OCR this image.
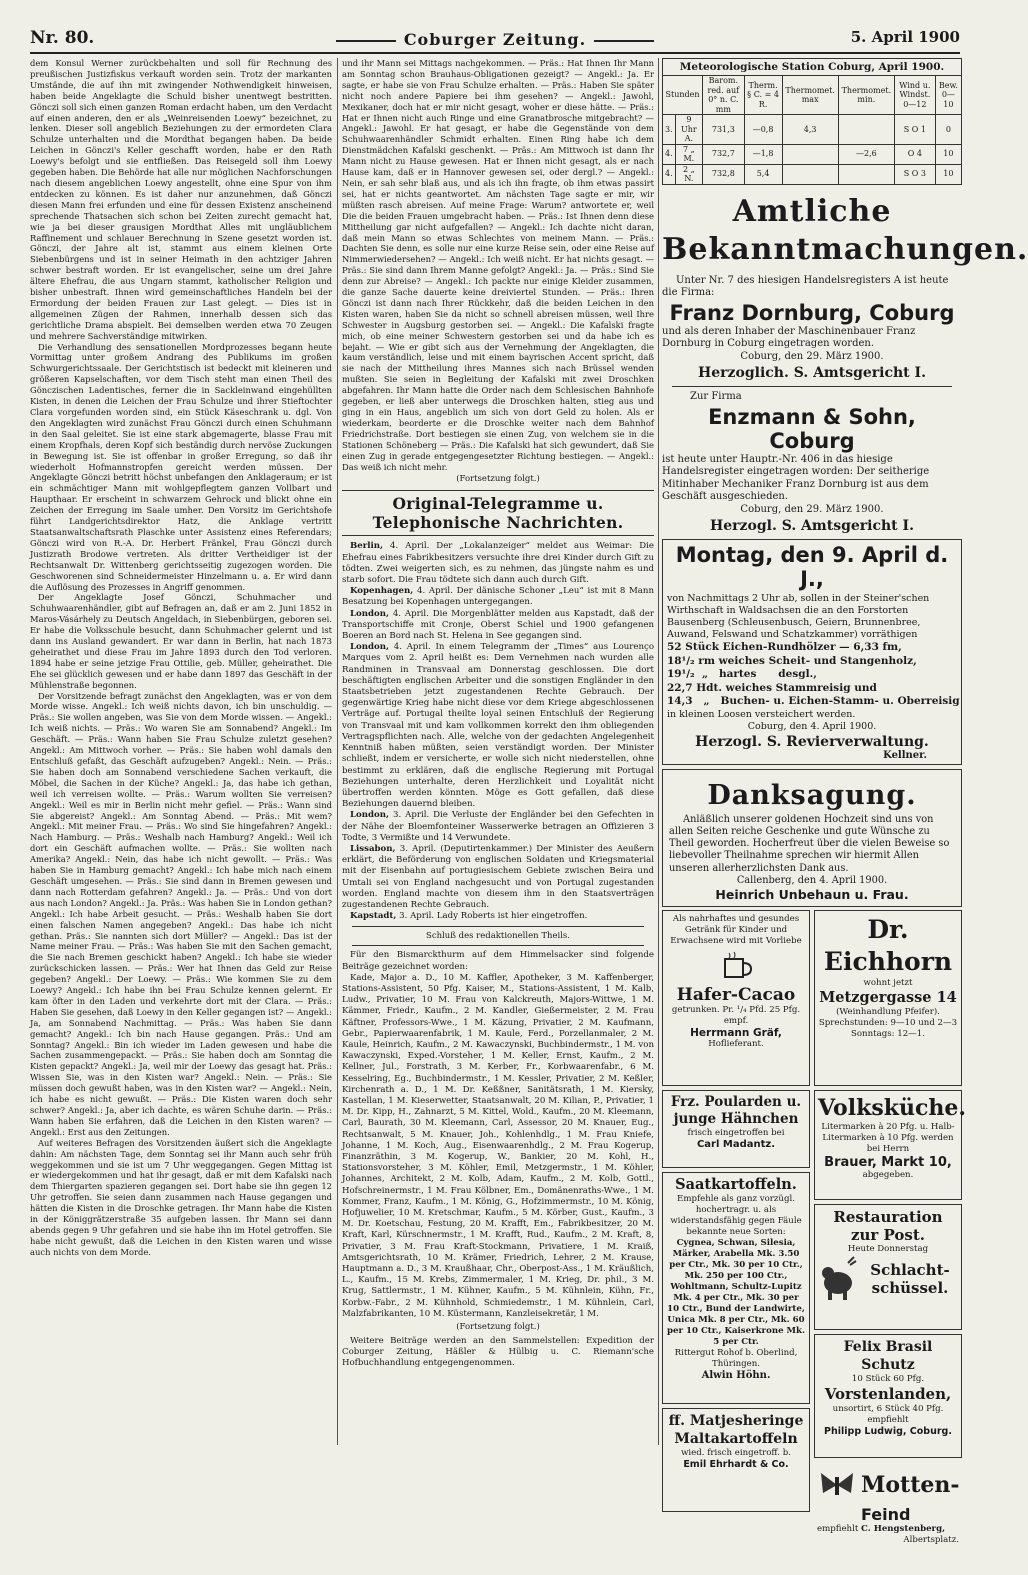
Nr. 80.	Coburger Zeitung.	5. April 1900

dem Konsul Werner zurückbehalten und soll für Rechnung des preußischen Justizfiskus verkauft worden sein. Trotz der markanten Umstände, die auf ihn mit zwingender Nothwendigkeit hinweisen, haben beide Angeklagte die Schuld bisher unentwegt bestritten. Gönczi soll sich einen ganzen Roman erdacht haben, um den Verdacht auf einen anderen, den er als „Weinreisenden Loewy“ bezeichnet, zu lenken. Dieser soll angeblich Beziehungen zu der ermordeten Clara Schulze unterhalten und die Mordthat begangen haben. Da beide Leichen in Gönczi's Keller geschafft worden, habe er den Rath Loewy's befolgt und sie entfließen. Das Reisegeld soll ihm Loewy gegeben haben. Die Behörde hat alle nur möglichen Nachforschungen nach diesem angeblichen Loewy angestellt, ohne eine Spur von ihm entdecken zu können. Es ist daher nur anzunehmen, daß Gönczi diesen Mann frei erfunden und eine für dessen Existenz anscheinend sprechende Thatsachen sich schon bei Zeiten zurecht gemacht hat, wie ja bei dieser grausigen Mordthat Alles mit ungläublichem Raffinement und schlauer Berechnung in Szene gesetzt worden ist. Gönczi, der Jahre alt ist, stammt aus einem kleinen Orte Siebenbürgens und ist in seiner Heimath in den achtziger Jahren schwer bestraft worden. Er ist evangelischer, seine um drei Jahre ältere Ehefrau, die aus Ungarn stammt, katholischer Religion und bisher unbestraft. Ihnen wird gemeinschaftliches Handeln bei der Ermordung der beiden Frauen zur Last gelegt. — Dies ist in allgemeinen Zügen der Rahmen, innerhalb dessen sich das gerichtliche Drama abspielt. Bei demselben werden etwa 70 Zeugen und mehrere Sachverständige mitwirken.

Die Verhandlung des sensationellen Mordprozesses begann heute Vormittag unter großem Andrang des Publikums im großen Schwurgerichtssaale. Der Gerichtstisch ist bedeckt mit kleineren und größeren Kapselschaften, vor dem Tisch steht man einen Theil des Gönczischen Ladentisches, ferner die in Sackleinwand eingehüllten Kisten, in denen die Leichen der Frau Schulze und ihrer Stieftochter Clara vorgefunden worden sind, ein Stück Käseschrank u. dgl. Von den Angeklagten wird zunächst Frau Gönczi durch einen Schuhmann in den Saal geleitet. Sie ist eine stark abgemagerte, blasse Frau mit einem Kropfhals, deren Kopf sich beständig durch nervöse Zuckungen in Bewegung ist. Sie ist offenbar in großer Erregung, so daß ihr wiederholt Hofmannstropfen gereicht werden müssen. Der Angeklagte Gönczi betritt höchst unbefangen den Anklageraum; er ist ein schmächtiger Mann mit wohlgepflegtem ganzen Vollbart und Haupthaar. Er erscheint in schwarzem Gehrock und blickt ohne ein Zeichen der Erregung im Saale umher. Den Vorsitz im Gerichtshofe führt Landgerichtsdirektor Hatz, die Anklage vertritt Staatsanwaltschaftsrath Plaschke unter Assistenz eines Referendars; Gönczi wird von R.-A. Dr. Herbert Fränkel, Frau Gönczi durch Justizrath Brodowe vertreten. Als dritter Vertheidiger ist der Rechtsanwalt Dr. Wittenberg gerichtsseitig zugezogen worden. Die Geschworenen sind Schneidermeister Hinzelmann u. a. Er wird dann die Auflösung des Prozesses in Angriff genommen.

Der Angeklagte Josef Gönczi, Schuhmacher und Schuhwaarenhändler, gibt auf Befragen an, daß er am 2. Juni 1852 in Maros-Vásárhely zu Deutsch Angeldach, in Siebenbürgen, geboren sei. Er habe die Volksschule besucht, dann Schuhmacher gelernt und ist dann ins Ausland gewandert. Er war dann in Berlin, hat nach 1873 geheirathet und diese Frau im Jahre 1893 durch den Tod verloren. 1894 habe er seine jetzige Frau Ottilie, geb. Müller, geheirathet. Die Ehe sei glücklich gewesen und er habe dann 1897 das Geschäft in der Mühlenstraße begonnen.

Der Vorsitzende befragt zunächst den Angeklagten, was er von dem Morde wisse. Angekl.: Ich weiß nichts davon, ich bin unschuldig. — Präs.: Sie wollen angeben, was Sie von dem Morde wissen. — Angekl.: Ich weiß nichts. — Präs.: Wo waren Sie am Sonnabend? Angekl.: Im Geschäft. — Präs.: Wann haben Sie Frau Schulze zuletzt gesehen? Angekl.: Am Mittwoch vorher. — Präs.: Sie haben wohl damals den Entschluß gefaßt, das Geschäft aufzugeben? Angekl.: Nein. — Präs.: Sie haben doch am Sonnabend verschiedene Sachen verkauft, die Möbel, die Sachen in der Küche? Angekl.: Ja, das habe ich gethan, weil ich verreisen wollte. — Präs.: Warum wollten Sie verreisen? Angekl.: Weil es mir in Berlin nicht mehr gefiel. — Präs.: Wann sind Sie abgereist? Angekl.: Am Sonntag Abend. — Präs.: Mit wem? Angekl.: Mit meiner Frau. — Präs.: Wo sind Sie hingefahren? Angekl.: Nach Hamburg. — Präs.: Weshalb nach Hamburg? Angekl.: Weil ich dort ein Geschäft aufmachen wollte. — Präs.: Sie wollten nach Amerika? Angekl.: Nein, das habe ich nicht gewollt. — Präs.: Was haben Sie in Hamburg gemacht? Angekl.: Ich habe mich nach einem Geschäft umgesehen. — Präs.: Sie sind dann in Bremen gewesen und dann nach Rotterdam gefahren? Angekl.: Ja. — Präs.: Und von dort aus nach London? Angekl.: Ja. Präs.: Was haben Sie in London gethan? Angekl.: Ich habe Arbeit gesucht. — Präs.: Weshalb haben Sie dort einen falschen Namen angegeben? Angekl.: Das habe ich nicht gethan. Präs.: Sie nannten sich dort Müller? — Angekl.: Das ist der Name meiner Frau. — Präs.: Was haben Sie mit den Sachen gemacht, die Sie nach Bremen geschickt haben? Angekl.: Ich habe sie wieder zurückschicken lassen. — Präs.: Wer hat Ihnen das Geld zur Reise gegeben? Angekl.: Der Loewy. — Präs.: Wie kommen Sie zu dem Loewy? Angekl.: Ich habe ihn bei Frau Schulze kennen gelernt. Er kam öfter in den Laden und verkehrte dort mit der Clara. — Präs.: Haben Sie gesehen, daß Loewy in den Keller gegangen ist? — Angekl.: Ja, am Sonnabend Nachmittag. — Präs.: Was haben Sie dann gemacht? Angekl.: Ich bin nach Hause gegangen. Präs.: Und am Sonntag? Angekl.: Bin ich wieder im Laden gewesen und habe die Sachen zusammengepackt. — Präs.: Sie haben doch am Sonntag die Kisten gepackt? Angekl.: Ja, weil mir der Loewy das gesagt hat. Präs.: Wissen Sie, was in den Kisten war? Angekl.: Nein. — Präs.: Sie müssen doch gewußt haben, was in den Kisten war? — Angekl.: Nein, ich habe es nicht gewußt. — Präs.: Die Kisten waren doch sehr schwer? Angekl.: Ja, aber ich dachte, es wären Schuhe darin. — Präs.: Wann haben Sie erfahren, daß die Leichen in den Kisten waren? — Angekl.: Erst aus den Zeitungen.

Auf weiteres Befragen des Vorsitzenden äußert sich die Angeklagte dahin: Am nächsten Tage, dem Sonntag sei ihr Mann auch sehr früh weggekommen und sie ist um 7 Uhr weggegangen. Gegen Mittag ist er wiedergekommen und hat ihr gesagt, daß er mit dem Kafalski nach dem Thiergarten spazieren gegangen sei. Dort habe sie ihn gegen 12 Uhr getroffen. Sie seien dann zusammen nach Hause gegangen und hätten die Kisten in die Droschke getragen. Ihr Mann habe die Kisten in der Königgrätzerstraße 35 aufgeben lassen. Ihr Mann sei dann abends gegen 9 Uhr gefahren und sie habe ihn im Hotel getroffen. Sie habe nicht gewußt, daß die Leichen in den Kisten waren und wisse auch nichts von dem Morde.

und ihr Mann sei Mittags nachgekommen. — Präs.: Hat Ihnen Ihr Mann am Sonntag schon Brauhaus-Obligationen gezeigt? — Angekl.: Ja. Er sagte, er habe sie von Frau Schulze erhalten. — Präs.: Haben Sie später nicht noch andere Papiere bei ihm gesehen? — Angekl.: Jawohl, Mexikaner, doch hat er mir nicht gesagt, woher er diese hätte. — Präs.: Hat er Ihnen nicht auch Ringe und eine Granatbrosche mitgebracht? — Angekl.: Jawohl. Er hat gesagt, er habe die Gegenstände von dem Schuhwaarenhändler Schmidt erhalten. Einen Ring habe ich dem Dienstmädchen Kafalski geschenkt. — Präs.: Am Mittwoch ist dann Ihr Mann nicht zu Hause gewesen. Hat er Ihnen nicht gesagt, als er nach Hause kam, daß er in Hannover gewesen sei, oder dergl.? — Angekl.: Nein, er sah sehr blaß aus, und als ich ihn fragte, ob ihm etwas passirt sei, hat er nichts geantwortet. Am nächsten Tage sagte er mir, wir müßten rasch abreisen. Auf meine Frage: Warum? antwortete er, weil Die die beiden Frauen umgebracht haben. — Präs.: Ist Ihnen denn diese Mittheilung gar nicht aufgefallen? — Angekl.: Ich dachte nicht daran, daß mein Mann so etwas Schlechtes von meinem Mann. — Präs.: Dachten Sie denn, es solle nur eine kurze Reise sein, oder eine Reise auf Nimmerwiedersehen? — Angekl.: Ich weiß nicht. Er hat nichts gesagt. — Präs.: Sie sind dann Ihrem Manne gefolgt? Angekl.: Ja. — Präs.: Sind Sie denn zur Abreise? — Angekl.: Ich packte nur einige Kleider zusammen, die ganze Sache dauerte keine dreiviertel Stunden. — Präs.: Ihren Gönczi ist dann nach Ihrer Rückkehr, daß die beiden Leichen in den Kisten waren, haben Sie da nicht so schnell abreisen müssen, weil Ihre Schwester in Augsburg gestorben sei. — Angekl.: Die Kafalski fragte mich, ob eine meiner Schwestern gestorben sei und da habe ich es bejaht. — Wie er gibt sich aus der Vernehmung der Angeklagten, die kaum verständlich, leise und mit einem bayrischen Accent spricht, daß sie nach der Mittheilung ihres Mannes sich nach Brüssel wenden mußten. Sie seien in Begleitung der Kafalski mit zwei Droschken abgefahren. Ihr Mann hatte die Order nach dem Schlesischen Bahnhofe gegeben, er ließ aber unterwegs die Droschken halten, stieg aus und ging in ein Haus, angeblich um sich von dort Geld zu holen. Als er wiederkam, beorderte er die Droschke weiter nach dem Bahnhof Friedrichstraße. Dort bestiegen sie einen Zug, von welchem sie in die Stationen Schöneberg — Präs.: Die Kafalski hat sich gewundert, daß Sie einen Zug in gerade entgegengesetzter Richtung bestiegen. — Angekl.: Das weiß ich nicht mehr.

(Fortsetzung folgt.)
Original-Telegramme u. Telephonische Nachrichten.

Berlin, 4. April. Der „Lokalanzeiger“ meldet aus Weimar: Die Ehefrau eines Fabrikbesitzers versuchte ihre drei Kinder durch Gift zu tödten. Zwei weigerten sich, es zu nehmen, das jüngste nahm es und starb sofort. Die Frau tödtete sich dann auch durch Gift.

Kopenhagen, 4. April. Der dänische Schoner „Leu“ ist mit 8 Mann Besatzung bei Kopenhagen untergegangen.

London, 4. April. Die Morgenblätter melden aus Kapstadt, daß der Transportschiffe mit Cronje, Oberst Schiel und 1900 gefangenen Boeren an Bord nach St. Helena in See gegangen sind.

London, 4. April. In einem Telegramm der „Times“ aus Lourenço Marques vom 2. April heißt es: Dem Vernehmen nach wurden alle Randminen in Transvaal am Donnerstag geschlossen. Die dort beschäftigten englischen Arbeiter und die sonstigen Engländer in den Staatsbetrieben jetzt zugestandenen Rechte Gebrauch. Der gegenwärtige Krieg habe nicht diese vor dem Kriege abgeschlossenen Verträge auf. Portugal theilte loyal seinen Entschluß der Regierung von Transvaal mit und kam vollkommen korrekt den ihm obliegenden Vertragspflichten nach. Alle, welche von der gedachten Angelegenheit Kenntniß haben müßten, seien verständigt worden. Der Minister schließt, indem er versicherte, er wolle sich nicht niederstellen, ohne bestimmt zu erklären, daß die englische Regierung mit Portugal Beziehungen unterhalte, deren Herzlichkeit und Loyalität nicht übertroffen werden könnten. Möge es Gott gefallen, daß diese Beziehungen dauernd bleiben.

London, 3. April. Die Verluste der Engländer bei den Gefechten in der Nähe der Bloemfonteiner Wasserwerke betragen an Offizieren 3 Todte, 3 Vermißte und 14 Verwundete.

Lissabon, 3. April. (Deputirtenkammer.) Der Minister des Aeußern erklärt, die Beförderung von englischen Soldaten und Kriegsmaterial mit der Eisenbahn auf portugiesischem Gebiete zwischen Beira und Umtali sei von England nachgesucht und von Portugal zugestanden worden. England machte von diesem ihm in den Staatsverträgen zugestandenen Rechte Gebrauch.

Kapstadt, 3. April. Lady Roberts ist hier eingetroffen.

Schluß des redaktionellen Theils.

Für den Bismarckthurm auf dem Himmelsacker sind folgende Beiträge gezeichnet worden:

Kade, Major a. D., 10 M. Kaffler, Apotheker, 3 M. Kaffenberger, Stations-Assistent, 50 Pfg. Kaiser, M., Stations-Assistent, 1 M. Kalb, Ludw., Privatier, 10 M. Frau von Kalckreuth, Majors-Wittwe, 1 M. Kämmer, Friedr., Kaufm., 2 M. Kandler, Gießermeister, 2 M. Frau Käftner, Professors-Wwe., 1 M. Käzung, Privatier, 2 M. Kaufmann, Gebr., Papierwaarenfabrik, 1 M. Kaule, Ferd., Porzellanmaler, 2 M. Kaule, Heinrich, Kaufm., 2 M. Kawaczynski, Buchbindermstr., 1 M. von Kawaczynski, Exped.-Vorsteher, 1 M. Keller, Ernst, Kaufm., 2 M. Kellner, Jul., Forstrath, 3 M. Kerber, Fr., Korbwaarenfabr., 6 M. Kesselring, Eg., Buchbindermstr., 1 M. Kessler, Privatier, 2 M. Keßler, Kirchenrath a. D., 1 M. Dr. Keßßner, Sanitätsrath, 1 M. Kiersky, Kastellan, 1 M. Kieserwetter, Staatsanwalt, 20 M. Kilian, P., Privatier, 1 M. Dr. Kipp, H., Zahnarzt, 5 M. Kittel, Wold., Kaufm., 20 M. Kleemann, Carl, Baurath, 30 M. Kleemann, Carl, Assessor, 20 M. Knauer, Eug., Rechtsanwalt, 5 M. Knauer, Joh., Kohlenhdlg., 1 M. Frau Kniefe, Johanne, 1 M. Koch, Aug., Eisenwaarenhdlg., 2 M. Frau Kogerup, Finanzräthin, 3 M. Kogerup, W., Bankier, 20 M. Kohl, H., Stationsvorsteher, 3 M. Köhler, Emil, Metzgermstr., 1 M. Köhler, Johannes, Architekt, 2 M. Kolb, Adam, Kaufm., 2 M. Kolb, Gottl., Hofschreinermstr., 1 M. Frau Kölbner, Em., Domänenraths-Wwe., 1 M. Kommer, Franz, Kaufm., 1 M. König, G., Hofzimmermstr., 10 M. König, Hofjuwelier, 10 M. Kretschmar, Kaufm., 5 M. Körber, Gust., Kaufm., 3 M. Dr. Koetschau, Festung, 20 M. Krafft, Em., Fabrikbesitzer, 20 M. Kraft, Karl, Kürschnermstr., 1 M. Krafft, Rud., Kaufm., 2 M. Kraft, 8, Privatier, 3 M. Frau Kraft-Stockmann, Privatiere, 1 M. Kraiß, Amtsgerichtsrath, 10 M. Krämer, Friedrich, Lehrer, 2 M. Krause, Hauptmann a. D., 3 M. Kraußhaar, Chr., Oberpost-Ass., 1 M. Kräußlich, L., Kaufm., 15 M. Krebs, Zimmermaler, 1 M. Krieg, Dr. phil., 3 M. Krug, Sattlermstr., 1 M. Kühner, Kaufm., 5 M. Kühnlein, Kühn, Fr., Korbw.-Fabr., 2 M. Kühnhold, Schmiedemstr., 1 M. Kühnlein, Carl, Malzfabrikanten, 10 M. Küstermann, Kanzleisekretär, 1 M.

(Fortsetzung folgt.)

Weitere Beiträge werden an den Sammelstellen: Expedition der Coburger Zeitung, Häßler & Hülbig u. C. Riemann'sche Hofbuchhandlung entgegengenommen.

Meteorologische Station Coburg, April 1900.
Stunden		Barom. red. auf 0° n. C. mm	Therm. § C. = 4 R.	Thermomet. max	Thermomet. min.	Wind u. Windst. 0—12	Bew. 0—10
3.	9 Uhr A.	731,3	—0,8	4,3		S O 1	0
4.	7 „ M.	732,7	—1,8		—2,6	O 4	10
4.	2 „ N.	732,8	5,4			S O 3	10
Amtliche Bekanntmachungen.

Unter Nr. 7 des hiesigen Handelsregisters A ist heute die Firma:

Franz Dornburg, Coburg

und als deren Inhaber der Maschinenbauer Franz Dornburg in Coburg eingetragen worden.

Coburg, den 29. März 1900.

Herzoglich. S. Amtsgericht I.

Zur Firma

Enzmann & Sohn, Coburg

ist heute unter Hauptr.-Nr. 406 in das hiesige Handelsregister eingetragen worden: Der seitherige Mitinhaber Mechaniker Franz Dornburg ist aus dem Geschäft ausgeschieden.

Coburg, den 29. März 1900.

Herzogl. S. Amtsgericht I.
Montag, den 9. April d. J.,

von Nachmittags 2 Uhr ab, sollen in der Steiner'schen Wirthschaft in Waldsachsen die an den Forstorten Bausenberg (Schleusenbusch, Geiern, Brunnenbree, Auwand, Felswand und Schatzkammer) vorräthigen

52 Stück Eichen-Rundhölzer — 6,33 fm,

18¹/₂ rm weiches Scheit- und Stangenholz,

19¹/₂  „   hartes      desgl.,

22,7 Hdt. weiches Stammreisig und

14,3   „   Buchen- u. Eichen-Stamm- u. Oberreisig

in kleinen Loosen versteichert werden.

Coburg, den 4. April 1900.

Herzogl. S. Revierverwaltung.
Kellner.
Danksagung.

Anläßlich unserer goldenen Hochzeit sind uns von allen Seiten reiche Geschenke und gute Wünsche zu Theil geworden. Hocherfreut über die vielen Beweise so liebevoller Theilnahme sprechen wir hiermit Allen unseren allerherzlichsten Dank aus.

Callenberg, den 4. April 1900.

Heinrich Unbehaun u. Frau.

Als nahrhaftes und gesundes Getränk für Kinder und Erwachsene wird mit Vorliebe

Hafer-Cacao

getrunken. Pr. ¹/₄ Pfd. 25 Pfg.

empf.

Herrmann Gräf,

Hoflieferant.

Dr. Eichhorn

wohnt jetzt

Metzgergasse 14

(Weinhandlung Pfeifer).

Sprechstunden: 9—10 und 2—3

Sonntags: 12—1.

Frz. Poularden u. junge Hähnchen

frisch eingetroffen bei

Carl Madantz.
Volksküche.

Litermarken à 20 Pfg. u. Halb-Litermarken à 10 Pfg. werden bei Herrn

Brauer, Markt 10,

abgegeben.

Saatkartoffeln.

Empfehle als ganz vorzügl. hochertragr. u. als widerstandsfähig gegen Fäule bekannte neue Sorten:

Cygnea, Schwan, Silesia, Märker, Arabella Mk. 3.50 per Ctr., Mk. 30 per 10 Ctr., Mk. 250 per 100 Ctr., Wohltmann, Schultz-Lupitz Mk. 4 per Ctr., Mk. 30 per 10 Ctr., Bund der Landwirte, Unica Mk. 8 per Ctr., Mk. 60 per 10 Ctr., Kaiserkrone Mk. 5 per Ctr.

Rittergut Rohof b. Oberlind, Thüringen.

Alwin Höhn.
Restauration zur Post.

Heute Donnerstag

Schlacht-schüssel.
Felix Brasil Schutz

10 Stück 60 Pfg.

Vorstenlanden,

unsortirt, 6 Stück 40 Pfg. empfiehlt

Philipp Ludwig, Coburg.
ff. Matjesheringe Maltakartoffeln

wied. frisch eingetroff. b.

Emil Ehrhardt & Co.
Motten-
Feind

empfiehlt C. Hengstenberg,

Albertsplatz.
